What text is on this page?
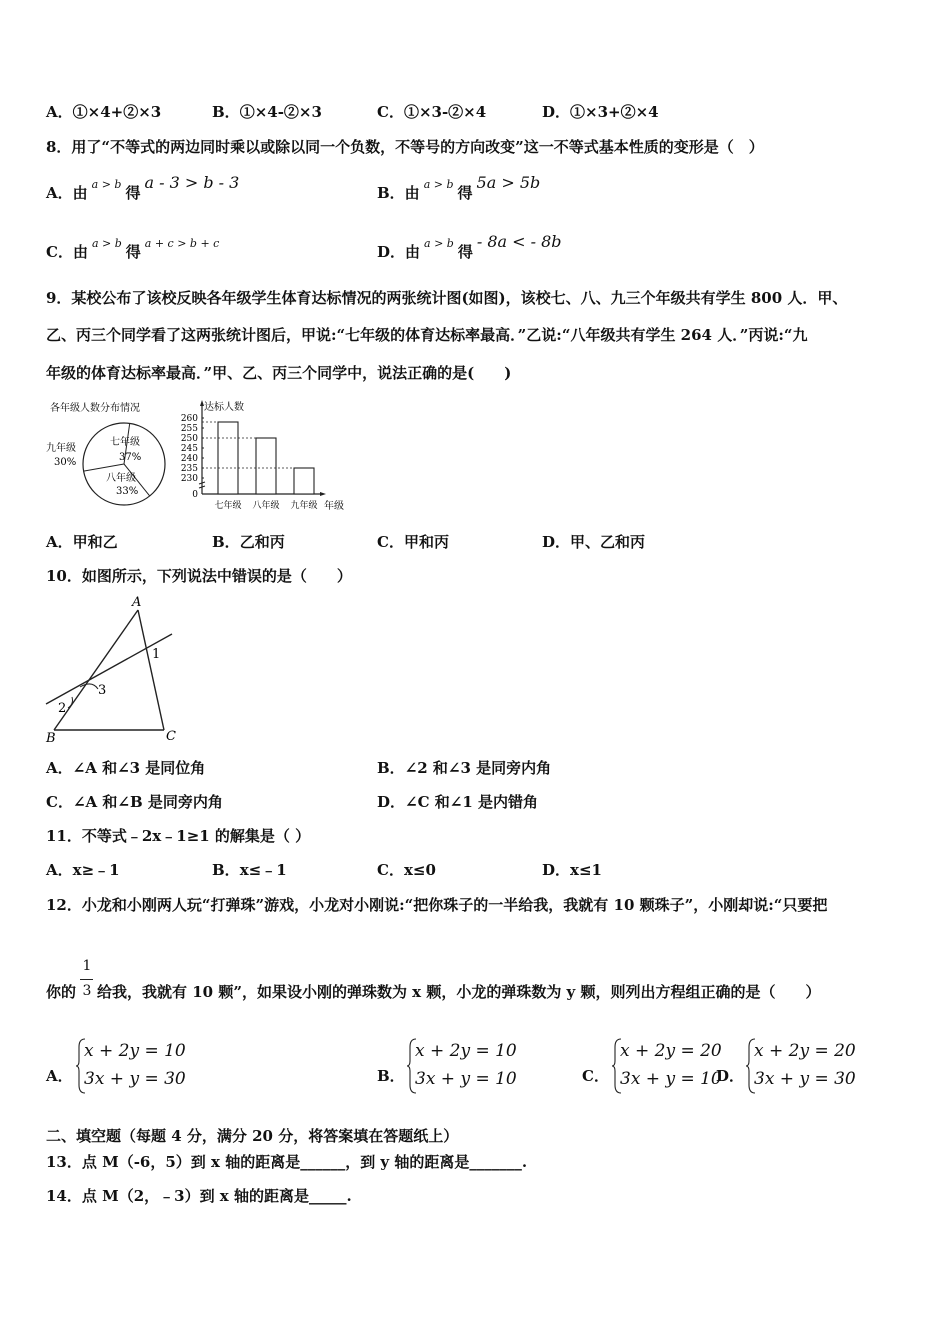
A．①×4+②×3	B．①×4-②×3	C．①×3-②×4	D．①×3+②×4
8．用了“不等式的两边同时乘以或除以同一个负数，不等号的方向改变”这一不等式基本性质的变形是（　）
A．由 $^{a > b}$ 得a - 3 > b - 3
B．由 $^{a > b}$ 得5a > 5b
C．由 $^{a > b}$ 得 $^{a + c > b + c}$	D．由 $^{a > b}$ 得- 8a < - 8b
9．某校公布了该校反映各年级学生体育达标情况的两张统计图(如图)，该校七、八、九三个年级共有学生 800 人．甲、
乙、丙三个同学看了这两张统计图后，甲说:“七年级的体育达标率最高．”乙说:“八年级共有学生 264 人．”丙说:“九
年级的体育达标率最高．”甲、乙、丙三个同学中，说法正确的是(　　)
各年级人数分布情况
七年级
37%
八年级
33%
九年级
30%
达标人数
0
230
235
240
245
250
255
260
七年级 八年级 九年级 年级
A．甲和乙	B．乙和丙	C．甲和丙	D．甲、乙和丙
10．如图所示，下列说法中错误的是（　　）
A
B	C
1
2
3
A．∠A 和∠3 是同位角	B．∠2 和∠3 是同旁内角
C．∠A 和∠B 是同旁内角	D．∠C 和∠1 是内错角
11．不等式﹣2x﹣1≥1 的解集是（ ）
A．x≥﹣1	B．x≤﹣1	C．x≤0	D．x≤1
12．小龙和小刚两人玩“打弹珠”游戏，小龙对小刚说:“把你珠子的一半给我，我就有 10 颗珠子”，小刚却说:“只要把
你的
1
3 给我，我就有 10 颗”，如果设小刚的弹珠数为 x 颗，小龙的弹珠数为 y 颗，则列出方程组正确的是（　　）
A．
x + 2y = 10
3x + y = 30	B．
x + 2y = 10
3x + y = 10	C．
x + 2y = 20
3x + y = 10
D．
x + 2y = 20
3x + y = 30
二、填空题（每题 4 分，满分 20 分，将答案填在答题纸上）
13．点 M（-6，5）到 x 轴的距离是______，到 y 轴的距离是_______.
14．点 M（2，﹣3）到 x 轴的距离是_____.
